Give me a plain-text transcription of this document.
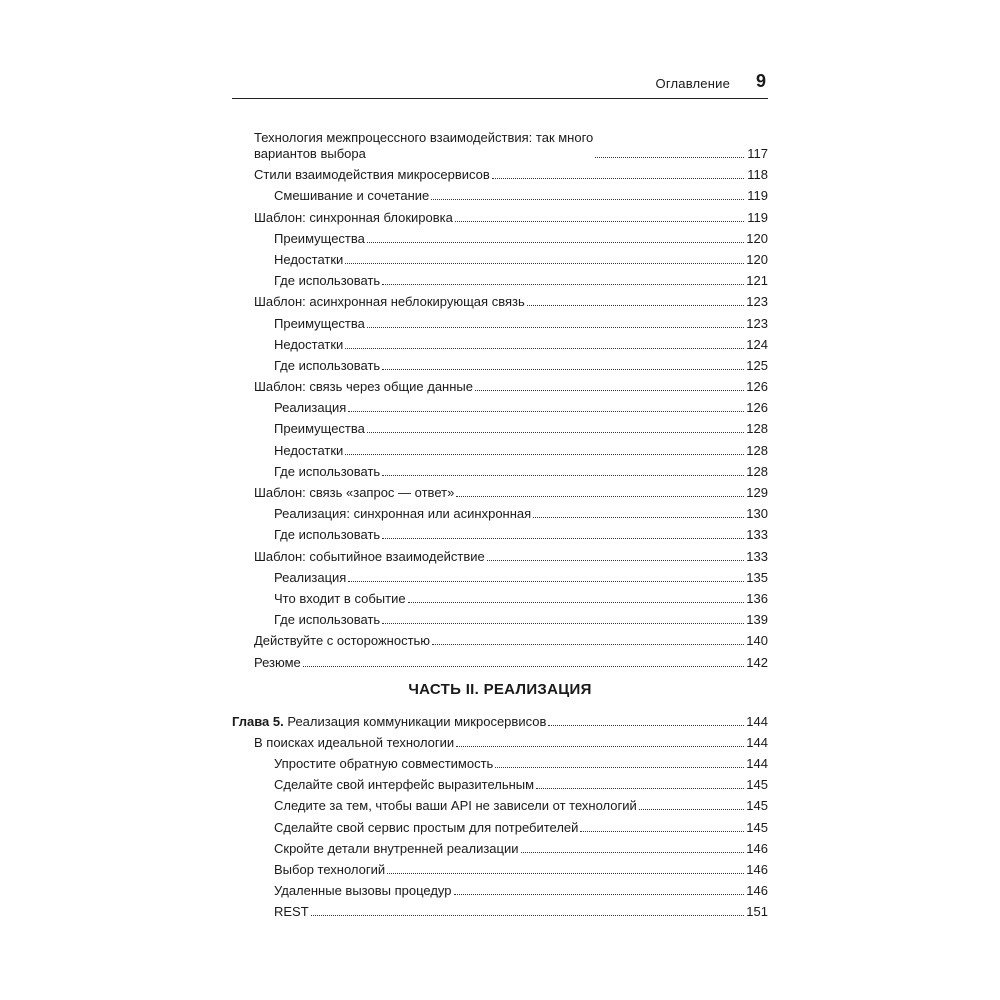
Оглавление 9
Технология межпроцессного взаимодействия: так много
вариантов выбора	117
Стили взаимодействия микросервисов	118
Смешивание и сочетание	119
Шаблон: синхронная блокировка	119
Преимущества	120
Недостатки	120
Где использовать	121
Шаблон: асинхронная неблокирующая связь	123
Преимущества	123
Недостатки	124
Где использовать	125
Шаблон: связь через общие данные	126
Реализация	126
Преимущества	128
Недостатки	128
Где использовать	128
Шаблон: связь «запрос — ответ»	129
Реализация: синхронная или асинхронная	130
Где использовать	133
Шаблон: событийное взаимодействие	133
Реализация	135
Что входит в событие	136
Где использовать	139
Действуйте с осторожностью	140
Резюме	142
ЧАСТЬ II. РЕАЛИЗАЦИЯ
Глава 5. Реализация коммуникации микросервисов	144
В поисках идеальной технологии	144
Упростите обратную совместимость	144
Сделайте свой интерфейс выразительным	145
Следите за тем, чтобы ваши API не зависели от технологий	145
Сделайте свой сервис простым для потребителей	145
Скройте детали внутренней реализации	146
Выбор технологий	146
Удаленные вызовы процедур	146
REST	151
